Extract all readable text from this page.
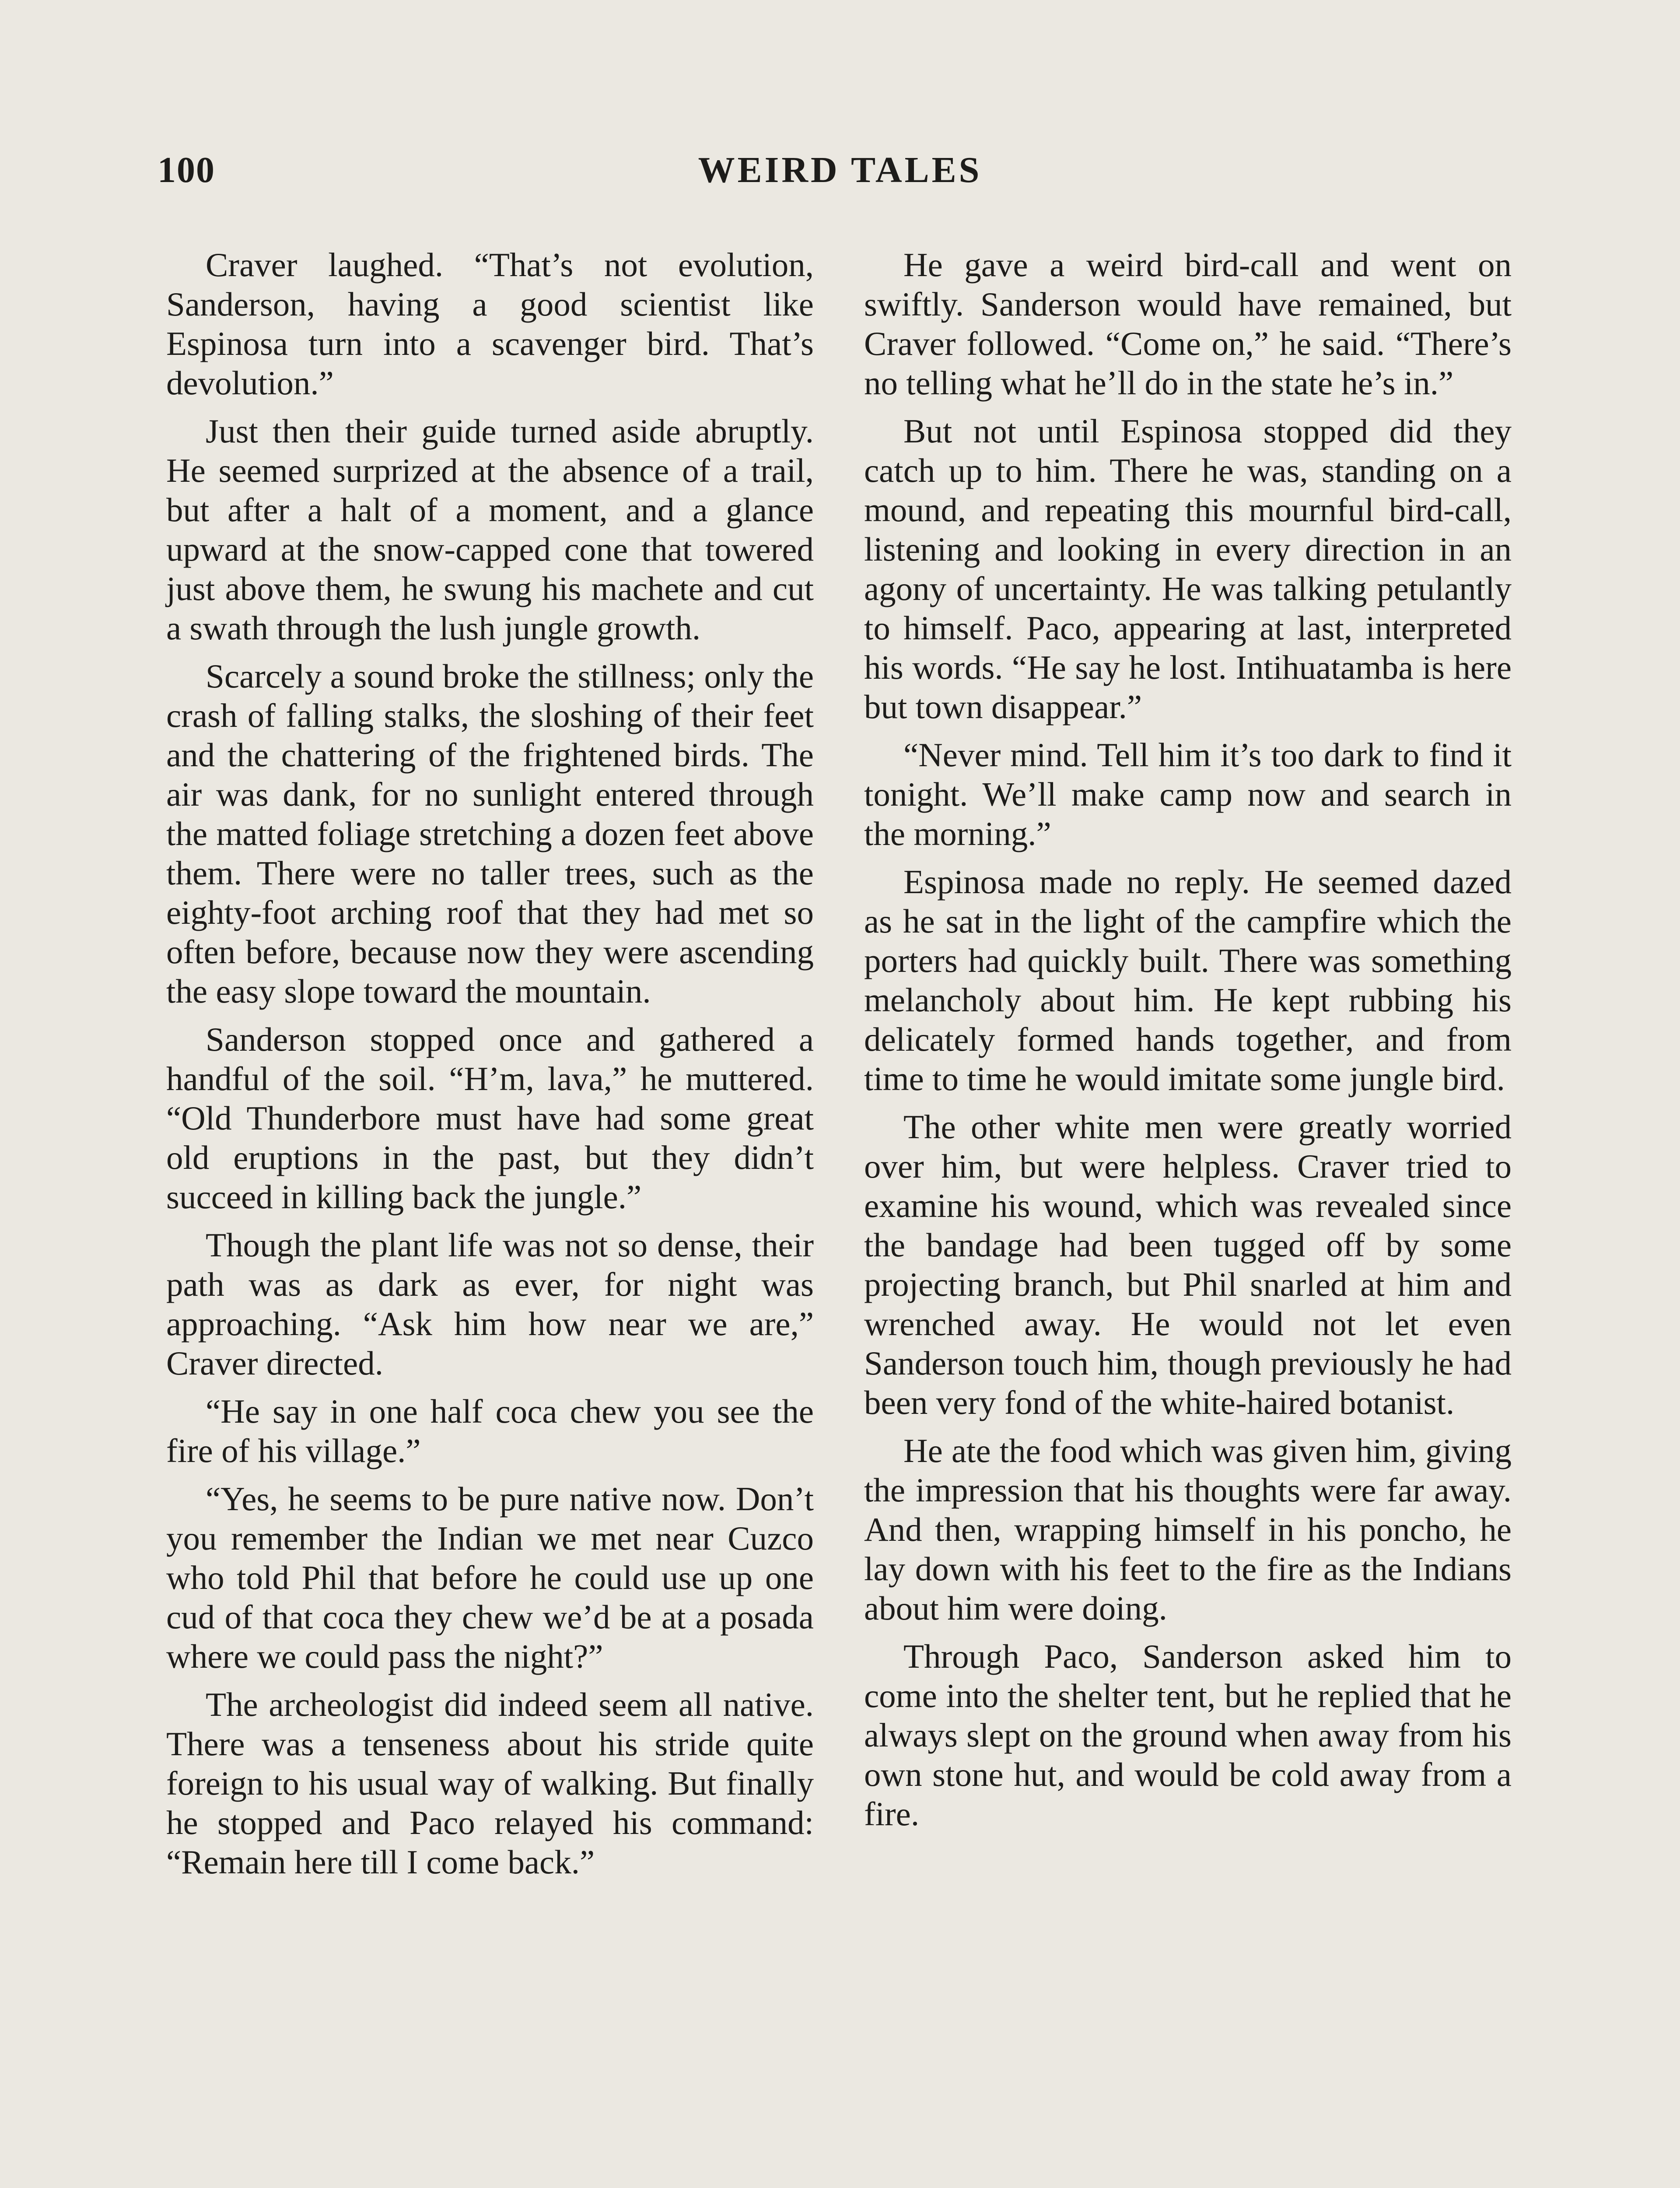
100	WEIRD TALES

Craver laughed. “That’s not evolution, Sanderson, having a good scientist like Espinosa turn into a scavenger bird. That’s devolution.”

Just then their guide turned aside abruptly. He seemed surprized at the absence of a trail, but after a halt of a moment, and a glance upward at the snow-capped cone that towered just above them, he swung his machete and cut a swath through the lush jungle growth.

Scarcely a sound broke the stillness; only the crash of falling stalks, the sloshing of their feet and the chattering of the frightened birds. The air was dank, for no sunlight entered through the matted foliage stretching a dozen feet above them. There were no taller trees, such as the eighty-foot arching roof that they had met so often before, because now they were ascending the easy slope toward the mountain.

Sanderson stopped once and gathered a handful of the soil. “H’m, lava,” he muttered. “Old Thunderbore must have had some great old eruptions in the past, but they didn’t succeed in killing back the jungle.”

Though the plant life was not so dense, their path was as dark as ever, for night was approaching. “Ask him how near we are,” Craver directed.

“He say in one half coca chew you see the fire of his village.”

“Yes, he seems to be pure native now. Don’t you remember the Indian we met near Cuzco who told Phil that before he could use up one cud of that coca they chew we’d be at a posada where we could pass the night?”

The archeologist did indeed seem all native. There was a tenseness about his stride quite foreign to his usual way of walking. But finally he stopped and Paco relayed his command: “Remain here till I come back.”

He gave a weird bird-call and went on swiftly. Sanderson would have remained, but Craver followed. “Come on,” he said. “There’s no telling what he’ll do in the state he’s in.”

But not until Espinosa stopped did they catch up to him. There he was, standing on a mound, and repeating this mournful bird-call, listening and looking in every direction in an agony of uncertainty. He was talking petulantly to himself. Paco, appearing at last, interpreted his words. “He say he lost. Intihuatamba is here but town disappear.”

“Never mind. Tell him it’s too dark to find it tonight. We’ll make camp now and search in the morning.”

Espinosa made no reply. He seemed dazed as he sat in the light of the campfire which the porters had quickly built. There was something melancholy about him. He kept rubbing his delicately formed hands together, and from time to time he would imitate some jungle bird.

The other white men were greatly worried over him, but were helpless. Craver tried to examine his wound, which was revealed since the bandage had been tugged off by some projecting branch, but Phil snarled at him and wrenched away. He would not let even Sanderson touch him, though previously he had been very fond of the white-haired botanist.

He ate the food which was given him, giving the impression that his thoughts were far away. And then, wrapping himself in his poncho, he lay down with his feet to the fire as the Indians about him were doing.

Through Paco, Sanderson asked him to come into the shelter tent, but he replied that he always slept on the ground when away from his own stone hut, and would be cold away from a fire.
